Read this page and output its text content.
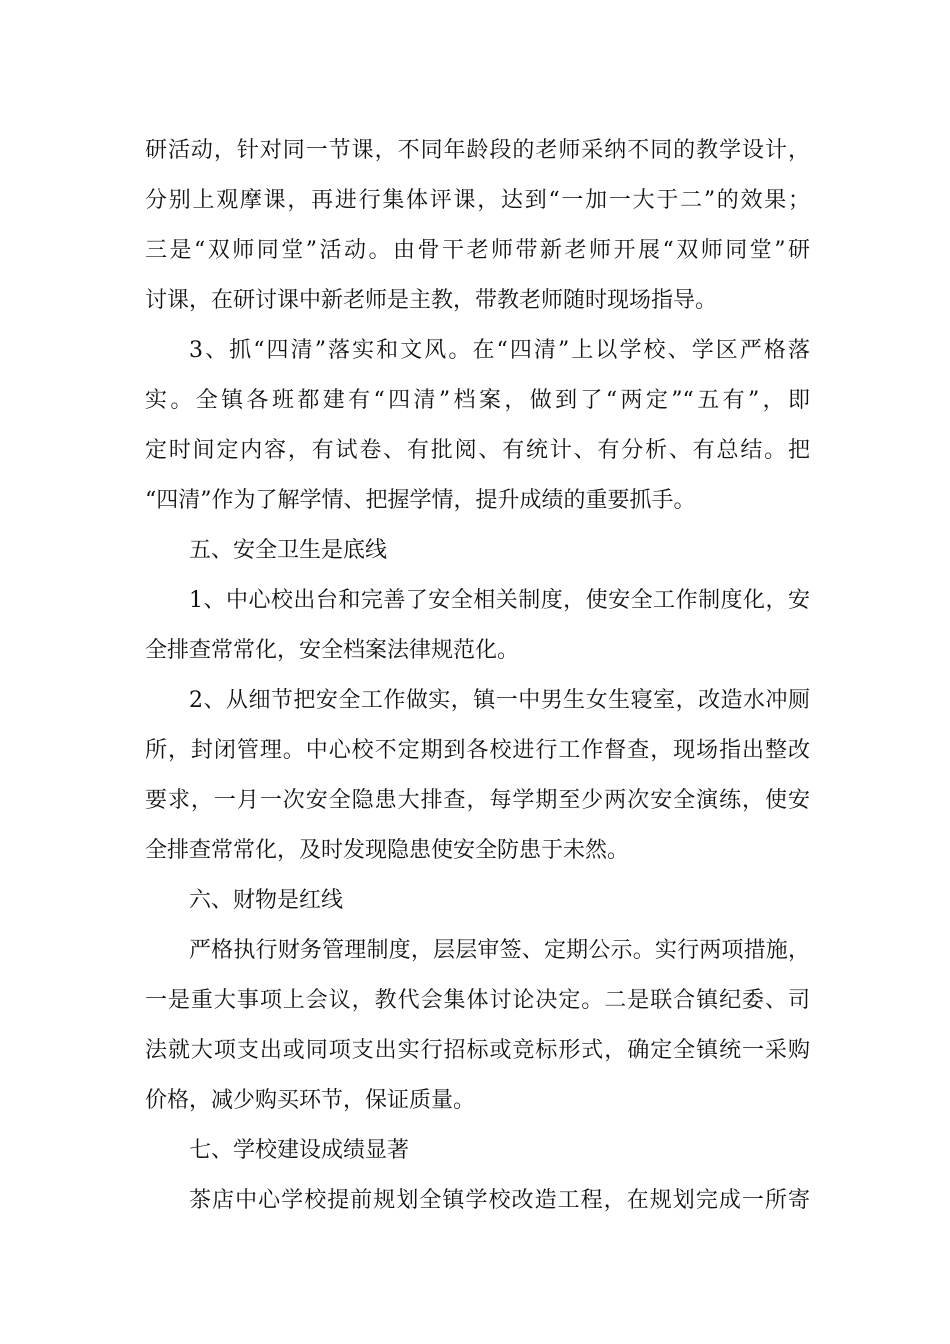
研活动，针对同一节课，不同年龄段的老师采纳不同的教学设计，
分别上观摩课，再进行集体评课，达到“一加一大于二”的效果；
三是“双师同堂”活动。由骨干老师带新老师开展“双师同堂”研
讨课，在研讨课中新老师是主教，带教老师随时现场指导。
3、抓“四清”落实和文风。在“四清”上以学校、学区严格落
实。全镇各班都建有“四清”档案，做到了“两定”“五有”，即
定时间定内容，有试卷、有批阅、有统计、有分析、有总结。把
“四清”作为了解学情、把握学情，提升成绩的重要抓手。
五、安全卫生是底线
1、中心校出台和完善了安全相关制度，使安全工作制度化，安
全排查常常化，安全档案法律规范化。
2、从细节把安全工作做实，镇一中男生女生寝室，改造水冲厕
所，封闭管理。中心校不定期到各校进行工作督查，现场指出整改
要求，一月一次安全隐患大排查，每学期至少两次安全演练，使安
全排查常常化，及时发现隐患使安全防患于未然。
六、财物是红线
严格执行财务管理制度，层层审签、定期公示。实行两项措施，
一是重大事项上会议，教代会集体讨论决定。二是联合镇纪委、司
法就大项支出或同项支出实行招标或竞标形式，确定全镇统一采购
价格，减少购买环节，保证质量。
七、学校建设成绩显著
茶店中心学校提前规划全镇学校改造工程，在规划完成一所寄
